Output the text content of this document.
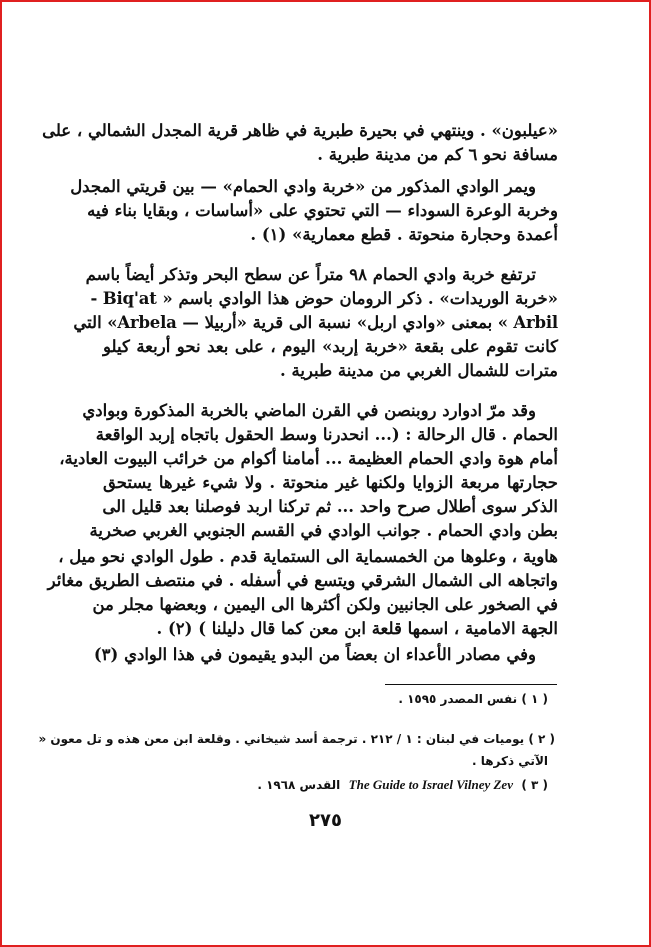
«عيلبون» . وينتهي في بحيرة طبرية في ظاهر قرية المجدل الشمالي ، على
مسافة نحو ٦ كم من مدينة طبرية .
ويمر الوادي المذكور من «خربة وادي الحمام» — بين قريتي المجدل
وخربة الوعرة السوداء — التي تحتوي على «أساسات ، وبقايا بناء فيه
أعمدة وحجارة منحوتة . قطع معمارية» (١) .
ترتفع خربة وادي الحمام ٩٨ متراً عن سطح البحر وتذكر أيضاً باسم
«خربة الوريدات» . ذكر الرومان حوض هذا الوادي باسم « Biq'at -
Arbil » بمعنى «وادي اربل» نسبة الى قرية «أربيلا — Arbela» التي
كانت تقوم على بقعة «خربة إربد» اليوم ، على بعد نحو أربعة كيلو
مترات للشمال الغربي من مدينة طبرية .
وقد مرّ ادوارد روبنصن في القرن الماضي بالخربة المذكورة وبوادي
الحمام . قال الرحالة : (... انحدرنا وسط الحقول باتجاه إربد الواقعة
أمام هوة وادي الحمام العظيمة ... أمامنا أكوام من خرائب البيوت العادية،
حجارتها مربعة الزوايا ولكنها غير منحوتة . ولا شيء غيرها يستحق
الذكر سوى أطلال صرح واحد ... ثم تركنا اربد فوصلنا بعد قليل الى
بطن وادي الحمام . جوانب الوادي في القسم الجنوبي الغربي صخرية
هاوية ، وعلوها من الخمسماية الى الستماية قدم . طول الوادي نحو ميل ،
واتجاهه الى الشمال الشرقي ويتسع في أسفله . في منتصف الطريق مغائر
في الصخور على الجانبين ولكن أكثرها الى اليمين ، وبعضها مجلر من
الجهة الامامية ، اسمها قلعة ابن معن كما قال دليلنا ) (٢) .
وفي مصادر الأعداء ان بعضاً من البدو يقيمون في هذا الوادي (٣)
( ١ ) نفس المصدر ١٥٩٥ .
( ٢ ) يوميات في لبنان : ١ / ٢١٢ . ترجمة أسد شيخاني . وقلعة ابن معن هذه و تل معون «
الآتي ذكرها .
( ٣ )  The Guide to Israel Vilney Zev  القدس ١٩٦٨ .
٢٧٥
